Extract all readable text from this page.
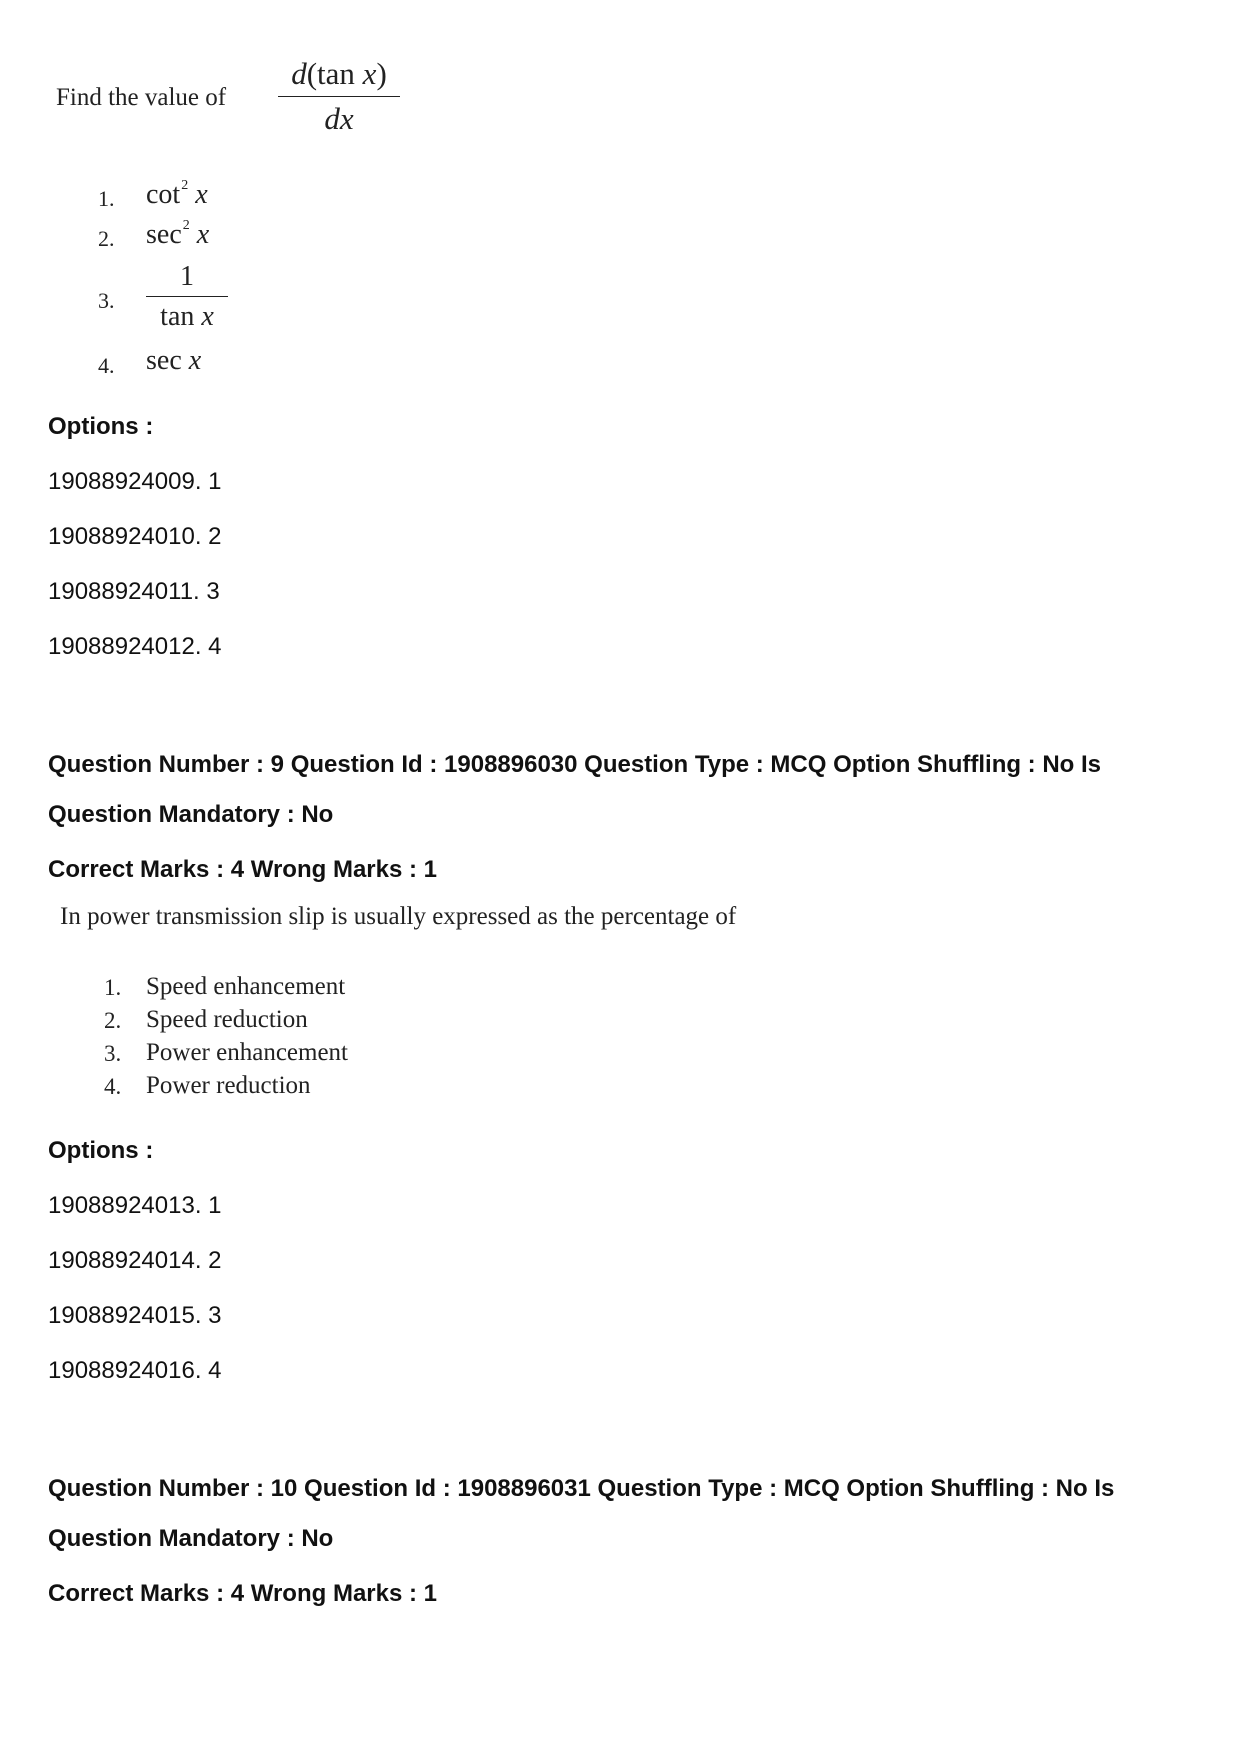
Find the value of
d(tan x)
dx
1. $\cot^2 x$
2. $\sec^2 x$
3.
1
tan x
4. sec x
Options :
19088924009. 1
19088924010. 2
19088924011. 3
19088924012. 4
Question Number : 9 Question Id : 1908896030 Question Type : MCQ Option Shuffling : No Is
Question Mandatory : No
Correct Marks : 4 Wrong Marks : 1
In power transmission slip is usually expressed as the percentage of
1. Speed enhancement
2. Speed reduction
3. Power enhancement
4. Power reduction
Options :
19088924013. 1
19088924014. 2
19088924015. 3
19088924016. 4
Question Number : 10 Question Id : 1908896031 Question Type : MCQ Option Shuffling : No Is
Question Mandatory : No
Correct Marks : 4 Wrong Marks : 1
